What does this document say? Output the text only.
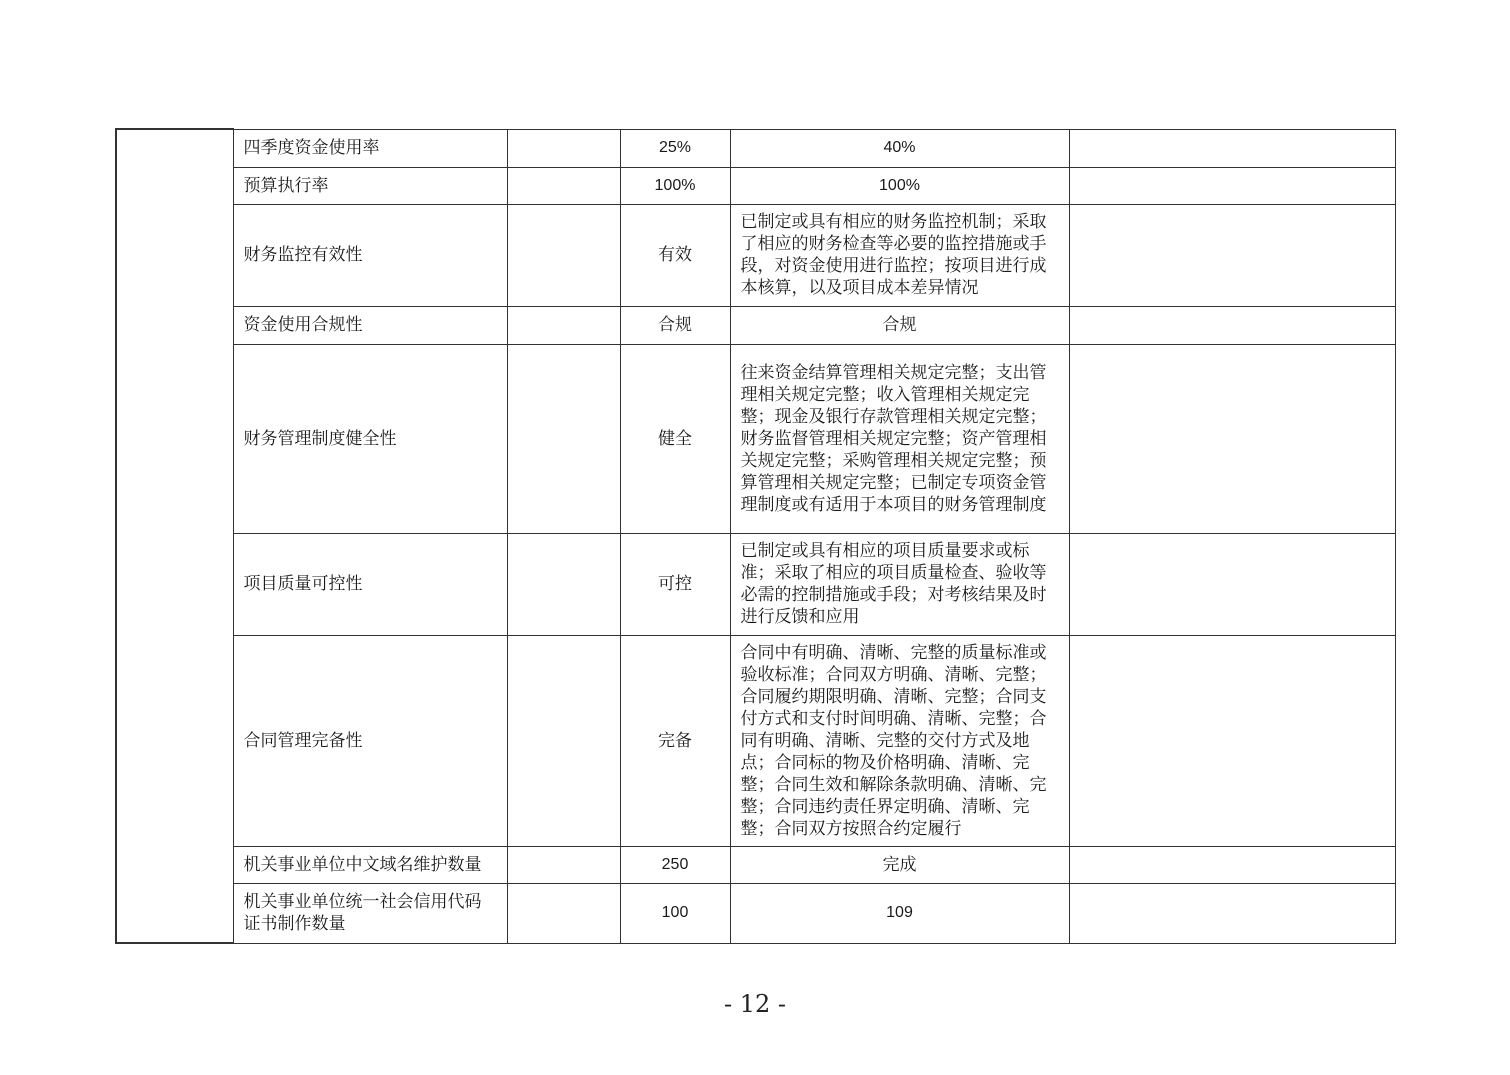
	四季度资金使用率		25%	40%	
	预算执行率		100%	100%	
	财务监控有效性		有效	已制定或具有相应的财务监控机制；采取了相应的财务检查等必要的监控措施或手段，对资金使用进行监控；按项目进行成本核算，以及项目成本差异情况	
	资金使用合规性		合规	合规	
	财务管理制度健全性		健全	往来资金结算管理相关规定完整；支出管理相关规定完整；收入管理相关规定完整；现金及银行存款管理相关规定完整；财务监督管理相关规定完整；资产管理相关规定完整；采购管理相关规定完整；预算管理相关规定完整；已制定专项资金管理制度或有适用于本项目的财务管理制度	
	项目质量可控性		可控	已制定或具有相应的项目质量要求或标准；采取了相应的项目质量检查、验收等必需的控制措施或手段；对考核结果及时进行反馈和应用	
	合同管理完备性		完备	合同中有明确、清晰、完整的质量标准或验收标准；合同双方明确、清晰、完整；合同履约期限明确、清晰、完整；合同支付方式和支付时间明确、清晰、完整；合同有明确、清晰、完整的交付方式及地点；合同标的物及价格明确、清晰、完整；合同生效和解除条款明确、清晰、完整；合同违约责任界定明确、清晰、完整；合同双方按照合约定履行	
	机关事业单位中文域名维护数量		250	完成	
	机关事业单位统一社会信用代码证书制作数量		100	109	
- 12 -
